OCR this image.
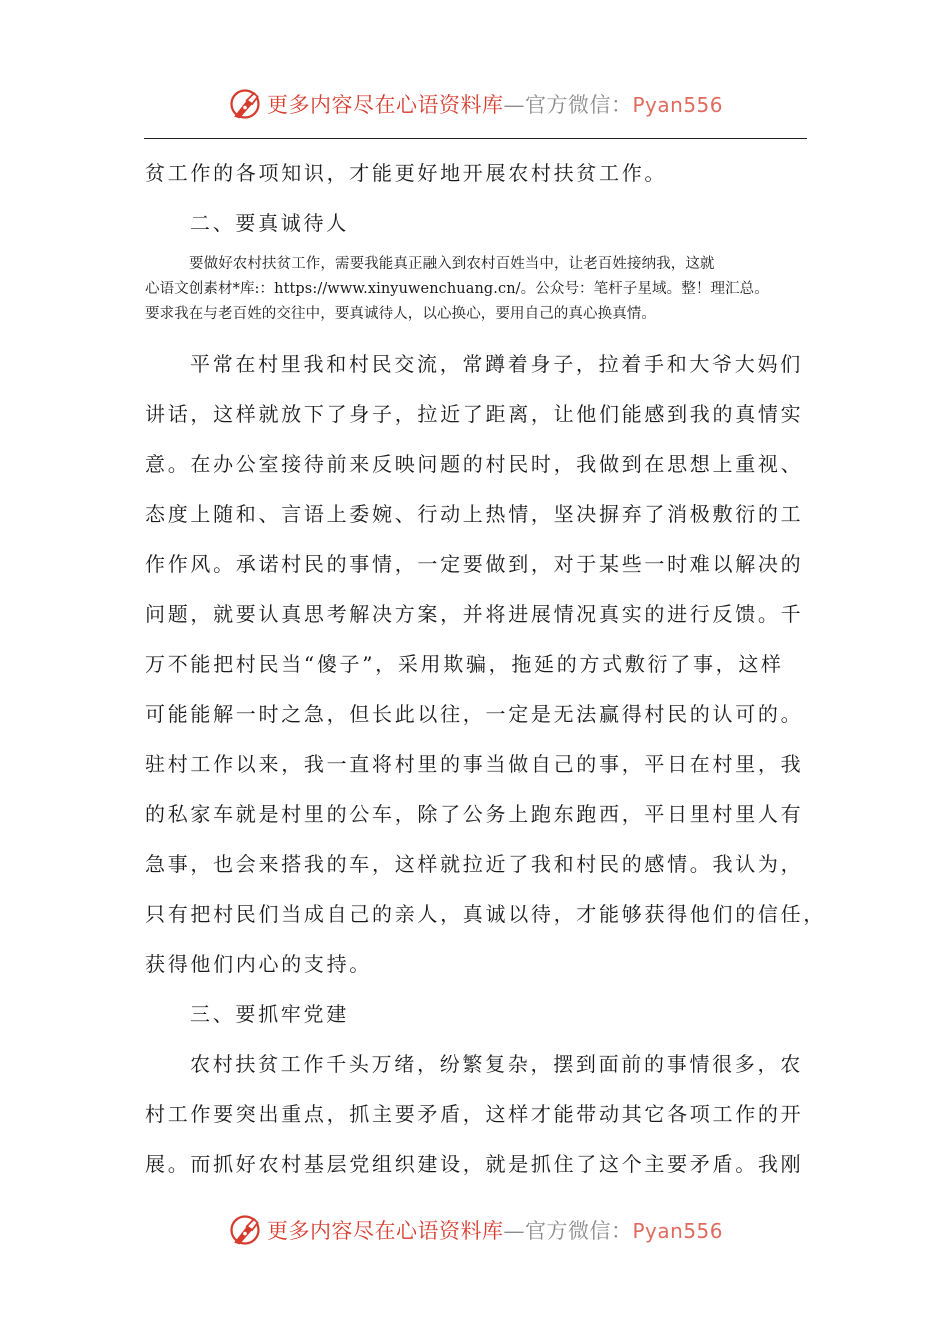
更多内容尽在心语资料库—官方微信：Pyan556

贫工作的各项知识，才能更好地开展农村扶贫工作。

二、要真诚待人

要做好农村扶贫工作，需要我能真正融入到农村百姓当中，让老百姓接纳我，这就

心语文创素材*库:：https://www.xinyuwenchuang.cn/。公众号：笔杆子星域。整！理汇总。

要求我在与老百姓的交往中，要真诚待人，以心换心，要用自己的真心换真情。

平常在村里我和村民交流，常蹲着身子，拉着手和大爷大妈们

讲话，这样就放下了身子，拉近了距离，让他们能感到我的真情实

意。在办公室接待前来反映问题的村民时，我做到在思想上重视、

态度上随和、言语上委婉、行动上热情，坚决摒弃了消极敷衍的工

作作风。承诺村民的事情，一定要做到，对于某些一时难以解决的

问题，就要认真思考解决方案，并将进展情况真实的进行反馈。千

万不能把村民当“傻子”，采用欺骗，拖延的方式敷衍了事，这样

可能能解一时之急，但长此以往，一定是无法赢得村民的认可的。

驻村工作以来，我一直将村里的事当做自己的事，平日在村里，我

的私家车就是村里的公车，除了公务上跑东跑西，平日里村里人有

急事，也会来搭我的车，这样就拉近了我和村民的感情。我认为，

只有把村民们当成自己的亲人，真诚以待，才能够获得他们的信任，

获得他们内心的支持。

三、要抓牢党建

农村扶贫工作千头万绪，纷繁复杂，摆到面前的事情很多，农

村工作要突出重点，抓主要矛盾，这样才能带动其它各项工作的开

展。而抓好农村基层党组织建设，就是抓住了这个主要矛盾。我刚

更多内容尽在心语资料库—官方微信：Pyan556
